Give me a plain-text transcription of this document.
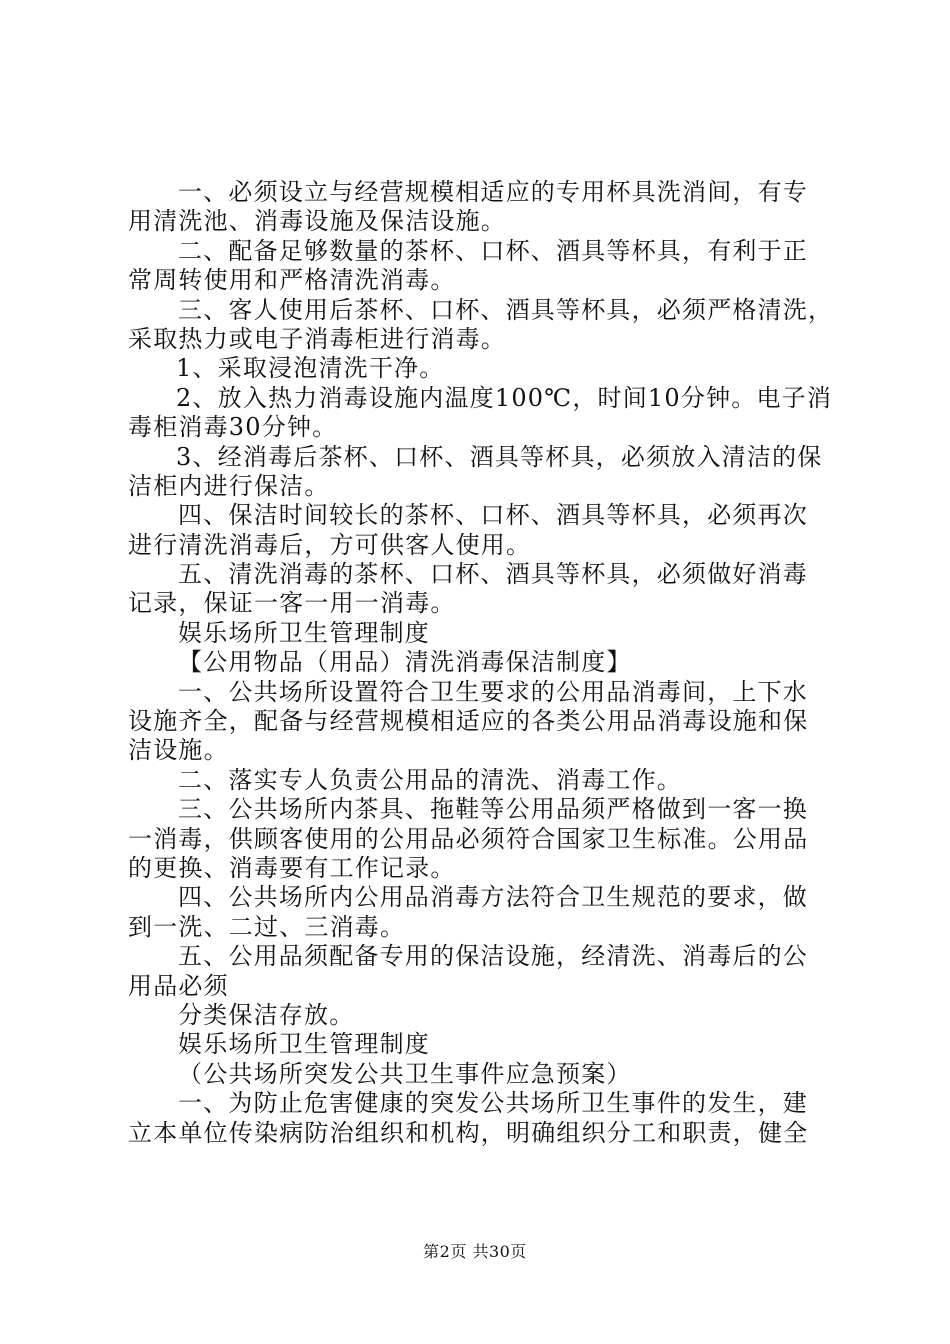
一、必须设立与经营规模相适应的专用杯具洗消间，有专
用清洗池、消毒设施及保洁设施。
二、配备足够数量的茶杯、口杯、酒具等杯具，有利于正
常周转使用和严格清洗消毒。
三、客人使用后茶杯、口杯、酒具等杯具，必须严格清洗，
采取热力或电子消毒柜进行消毒。
1、采取浸泡清洗干净。
2、放入热力消毒设施内温度100℃，时间10分钟。电子消
毒柜消毒30分钟。
3、经消毒后茶杯、口杯、酒具等杯具，必须放入清洁的保
洁柜内进行保洁。
四、保洁时间较长的茶杯、口杯、酒具等杯具，必须再次
进行清洗消毒后，方可供客人使用。
五、清洗消毒的茶杯、口杯、酒具等杯具，必须做好消毒
记录，保证一客一用一消毒。
娱乐场所卫生管理制度
【公用物品（用品）清洗消毒保洁制度】
一、公共场所设置符合卫生要求的公用品消毒间，上下水
设施齐全，配备与经营规模相适应的各类公用品消毒设施和保
洁设施。
二、落实专人负责公用品的清洗、消毒工作。
三、公共场所内茶具、拖鞋等公用品须严格做到一客一换
一消毒，供顾客使用的公用品必须符合国家卫生标准。公用品
的更换、消毒要有工作记录。
四、公共场所内公用品消毒方法符合卫生规范的要求，做
到一洗、二过、三消毒。
五、公用品须配备专用的保洁设施，经清洗、消毒后的公
用品必须
分类保洁存放。
娱乐场所卫生管理制度
（公共场所突发公共卫生事件应急预案）
一、为防止危害健康的突发公共场所卫生事件的发生，建
立本单位传染病防治组织和机构，明确组织分工和职责，健全
第2页 共30页
